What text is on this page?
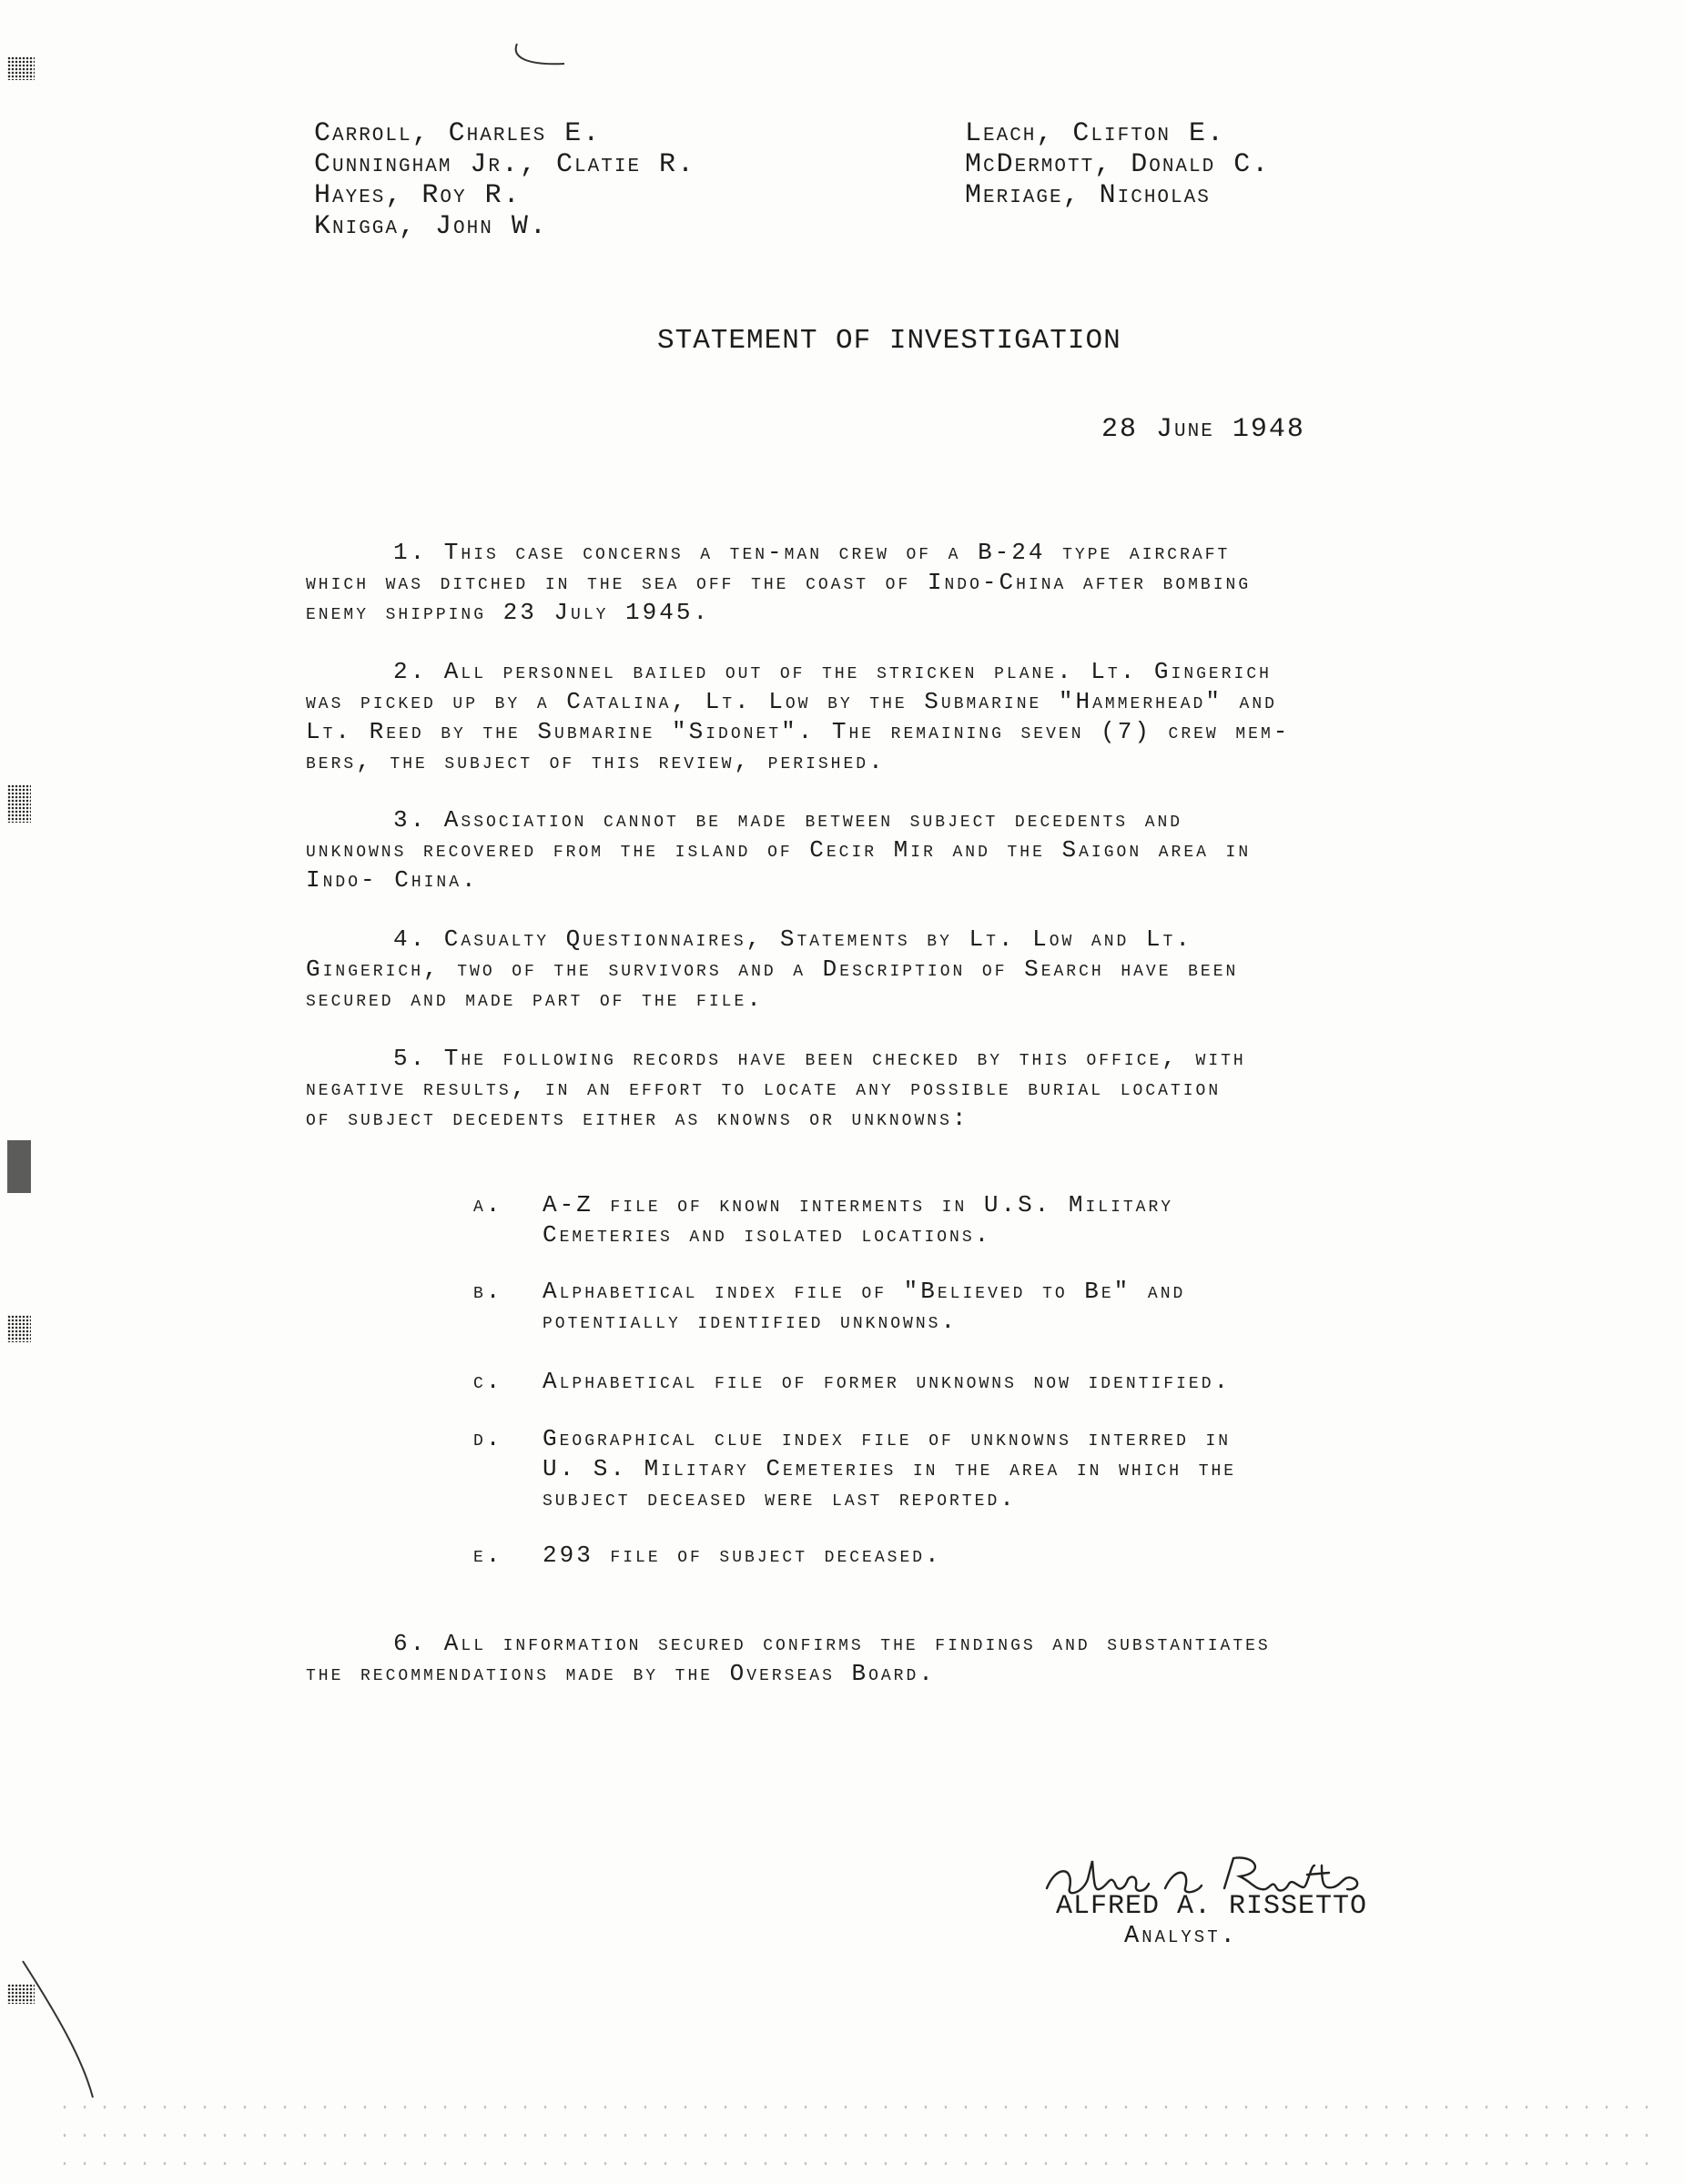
Carroll, Charles E.
Cunningham Jr., Clatie R.
Hayes, Roy R.
Knigga, John W.
Leach, Clifton E.
McDermott, Donald C.
Meriage, Nicholas
STATEMENT OF INVESTIGATION
28 June 1948
1. This case concerns a ten-man crew of a B-24 type aircraft
which was ditched in the sea off the coast of Indo-China after bombing
enemy shipping 23 July 1945.
2. All personnel bailed out of the stricken plane. Lt. Gingerich
was picked up by a Catalina, Lt. Low by the Submarine "Hammerhead" and
Lt. Reed by the Submarine "Sidonet". The remaining seven (7) crew mem-
bers, the subject of this review, perished.
3. Association cannot be made between subject decedents and
unknowns recovered from the island of Cecir Mir and the Saigon area in
Indo- China.
4. Casualty Questionnaires, Statements by Lt. Low and Lt.
Gingerich, two of the survivors and a Description of Search have been
secured and made part of the file.
5. The following records have been checked by this office, with
negative results, in an effort to locate any possible burial location
of subject decedents either as knowns or unknowns:
a. A-Z file of known interments in U.S. Military
Cemeteries and isolated locations.
b. Alphabetical index file of "Believed to Be" and
potentially identified unknowns.
c. Alphabetical file of former unknowns now identified.
d. Geographical clue index file of unknowns interred in
U. S. Military Cemeteries in the area in which the
subject deceased were last reported.
e. 293 file of subject deceased.
6. All information secured confirms the findings and substantiates
the recommendations made by the Overseas Board.
ALFRED A. RISSETTO
Analyst.
